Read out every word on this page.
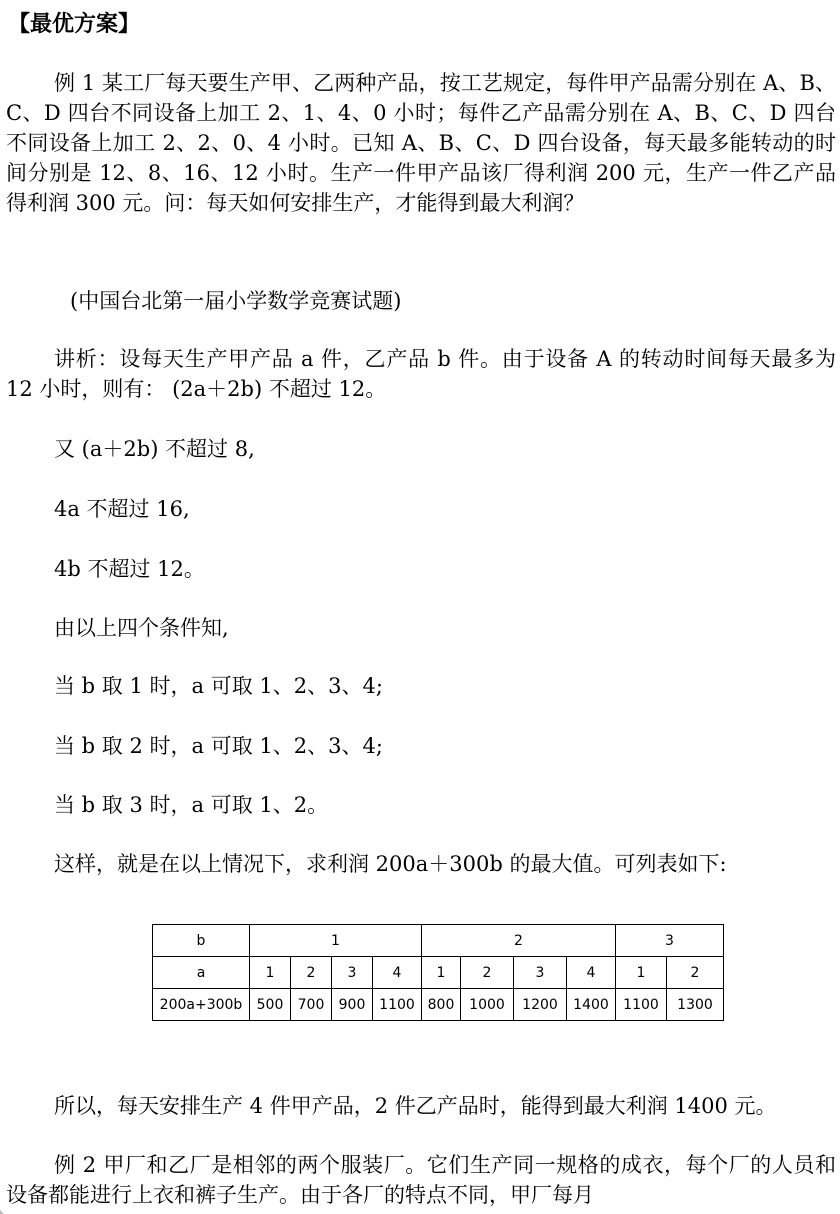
【最优方案】
例 1 某工厂每天要生产甲、乙两种产品，按工艺规定，每件甲产品需分别在 A、B、C、D 四台不同设备上加工 2、1、4、0 小时；每件乙产品需分别在 A、B、C、D 四台不同设备上加工 2、2、0、4 小时。已知 A、B、C、D 四台设备，每天最多能转动的时间分别是 12、8、16、12 小时。生产一件甲产品该厂得利润 200 元，生产一件乙产品得利润 300 元。问：每天如何安排生产，才能得到最大利润？
(中国台北第一届小学数学竞赛试题)
讲析：设每天生产甲产品 a 件，乙产品 b 件。由于设备 A 的转动时间每天最多为 12 小时，则有： (2a＋2b) 不超过 12。
又 (a＋2b) 不超过 8,
4a 不超过 16,
4b 不超过 12。
由以上四个条件知,
当 b 取 1 时，a 可取 1、2、3、4;
当 b 取 2 时，a 可取 1、2、3、4;
当 b 取 3 时，a 可取 1、2。
这样，就是在以上情况下，求利润 200a＋300b 的最大值。可列表如下:
b	1				2				3	
a	1	2	3	4	1	2	3	4	1	2
200a+300b	500	700	900	1100	800	1000	1200	1400	1100	1300
所以，每天安排生产 4 件甲产品，2 件乙产品时，能得到最大利润 1400 元。
例 2 甲厂和乙厂是相邻的两个服装厂。它们生产同一规格的成衣，每个厂的人员和设备都能进行上衣和裤子生产。由于各厂的特点不同，甲厂每月
